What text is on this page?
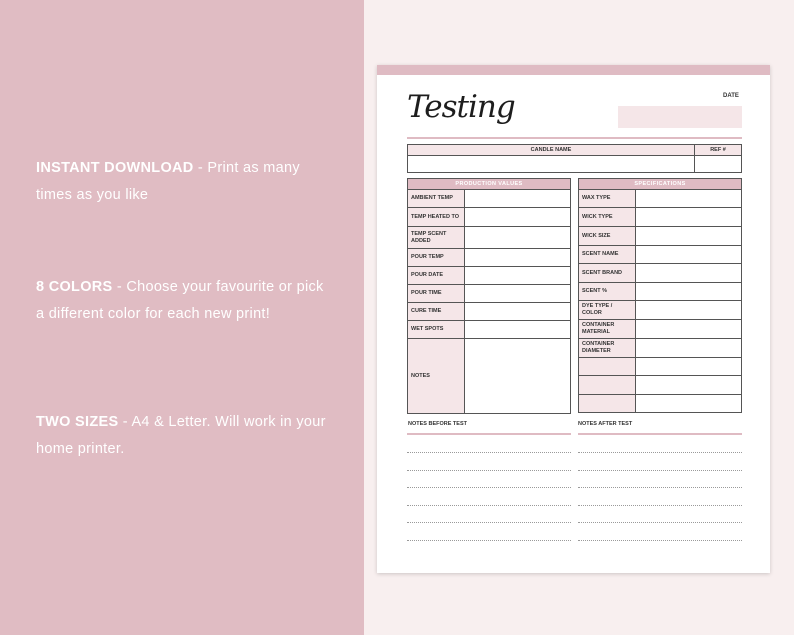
INSTANT DOWNLOAD - Print as many times as you like
8 COLORS - Choose your favourite or pick a different color for each new print!
TWO SIZES - A4 & Letter. Will work in your home printer.
Testing	DATE
CANDLE NAME	REF #

PRODUCTION VALUES	
AMBIENT TEMP	
TEMP HEATED TO	
TEMP SCENT ADDED	
POUR TEMP	
POUR DATE	
POUR TIME	
CURE TIME	
WET SPOTS	
NOTES	
SPECIFICATIONS	
WAX TYPE	
WICK TYPE	
WICK SIZE	
SCENT NAME	
SCENT BRAND	
SCENT %	
DYE TYPE / COLOR	
CONTAINER MATERIAL	
CONTAINER DIAMETER	

NOTES BEFORE TEST	NOTES AFTER TEST
